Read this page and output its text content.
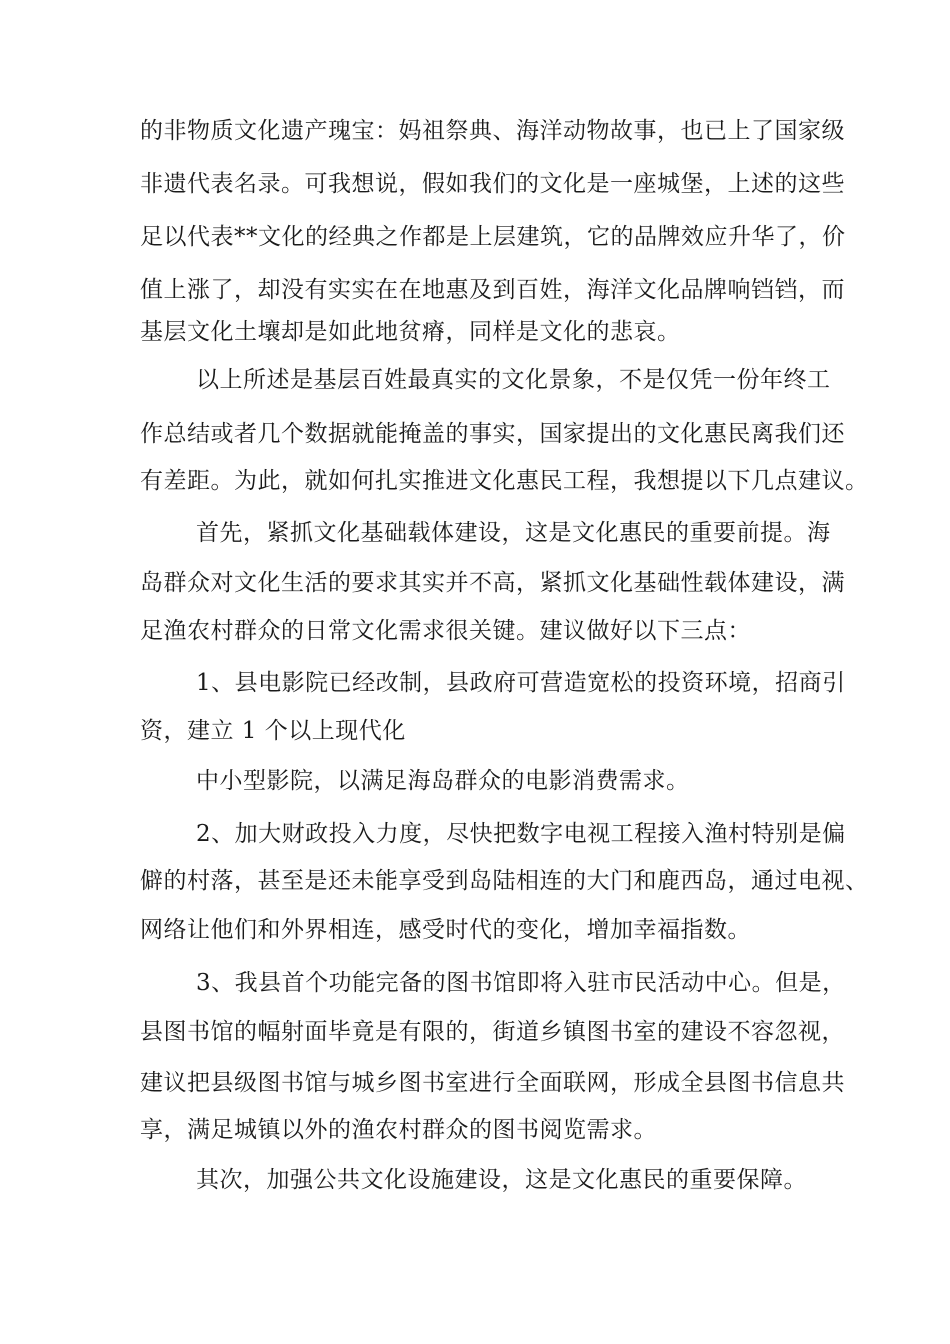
的非物质文化遗产瑰宝：妈祖祭典、海洋动物故事，也已上了国家级
非遗代表名录。可我想说，假如我们的文化是一座城堡，上述的这些
足以代表**文化的经典之作都是上层建筑，它的品牌效应升华了，价
值上涨了，却没有实实在在地惠及到百姓，海洋文化品牌响铛铛，而
基层文化土壤却是如此地贫瘠，同样是文化的悲哀。
以上所述是基层百姓最真实的文化景象，不是仅凭一份年终工
作总结或者几个数据就能掩盖的事实，国家提出的文化惠民离我们还
有差距。为此，就如何扎实推进文化惠民工程，我想提以下几点建议。
首先，紧抓文化基础载体建设，这是文化惠民的重要前提。海
岛群众对文化生活的要求其实并不高，紧抓文化基础性载体建设，满
足渔农村群众的日常文化需求很关键。建议做好以下三点：
1、县电影院已经改制，县政府可营造宽松的投资环境，招商引
资，建立 1 个以上现代化
中小型影院，以满足海岛群众的电影消费需求。
2、加大财政投入力度，尽快把数字电视工程接入渔村特别是偏
僻的村落，甚至是还未能享受到岛陆相连的大门和鹿西岛，通过电视、
网络让他们和外界相连，感受时代的变化，增加幸福指数。
3、我县首个功能完备的图书馆即将入驻市民活动中心。但是，
县图书馆的幅射面毕竟是有限的，街道乡镇图书室的建设不容忽视，
建议把县级图书馆与城乡图书室进行全面联网，形成全县图书信息共
享，满足城镇以外的渔农村群众的图书阅览需求。
其次，加强公共文化设施建设，这是文化惠民的重要保障。
